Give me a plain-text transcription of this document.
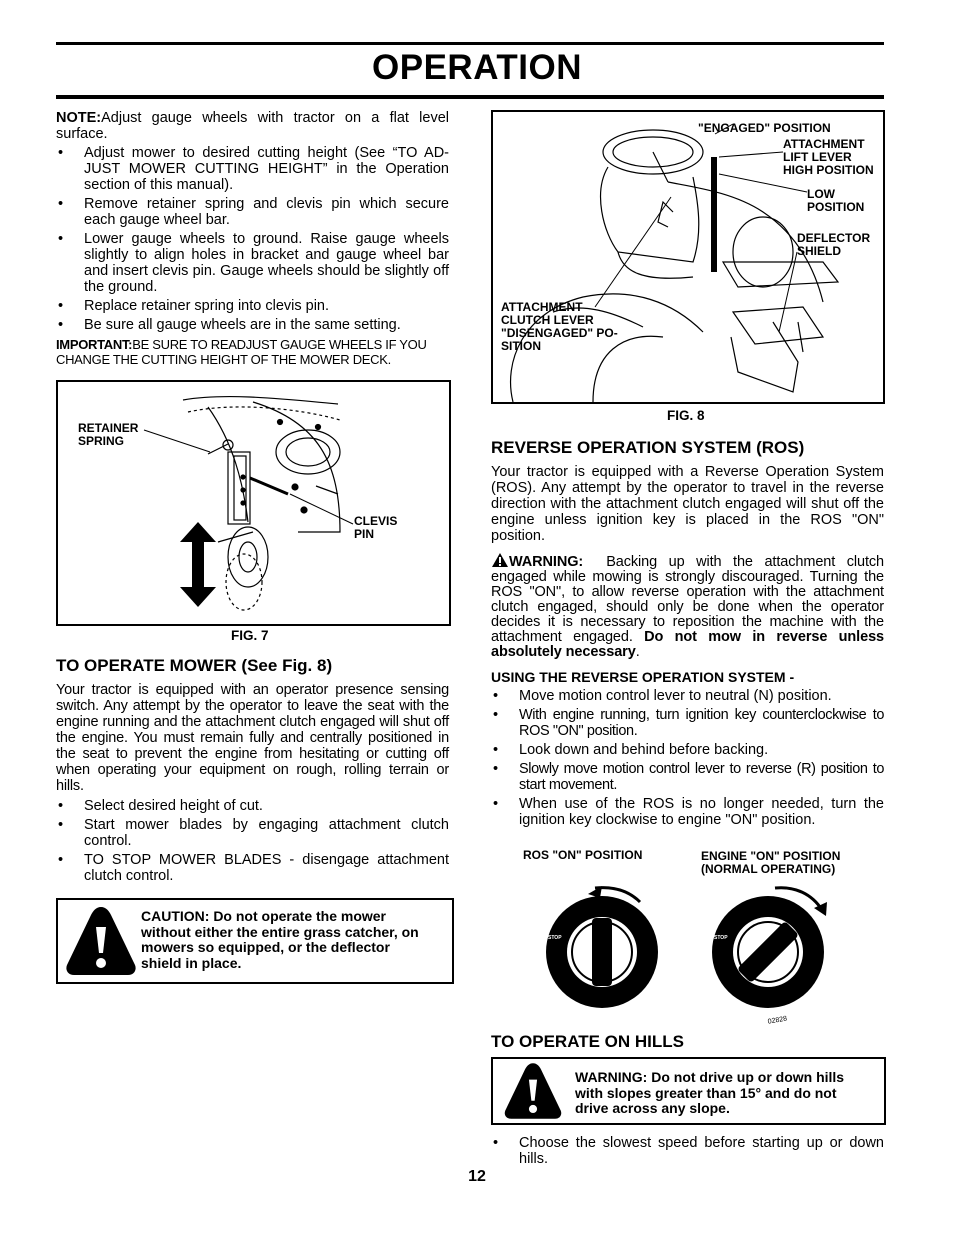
OPERATION

NOTE:Adjust gauge wheels with tractor on a flat level surface.

• Adjust mower to desired cutting height (See “TO AD-JUST MOWER CUTTING HEIGHT” in the Operation section of this manual).
• Remove retainer spring and clevis pin which secure each gauge wheel bar.
• Lower gauge wheels to ground. Raise gauge wheels slightly to align holes in bracket and gauge wheel bar and insert clevis pin. Gauge wheels should be slightly off the ground.
• Replace retainer spring into clevis pin.
• Be sure all gauge wheels are in the same setting.

IMPORTANT:BE SURE TO READJUST GAUGE WHEELS IF YOU CHANGE THE CUTTING HEIGHT OF THE MOWER DECK.

RETAINER SPRING
CLEVIS PIN
FIG. 7
TO OPERATE MOWER (See Fig. 8)

Your tractor is equipped with an operator presence sensing switch. Any attempt by the operator to leave the seat with the engine running and the attachment clutch engaged will shut off the engine. You must remain fully and centrally positioned in the seat to prevent the engine from hesitating or cutting off when operating your equipment on rough, rolling terrain or hills.

• Select desired height of cut.
• Start mower blades by engaging attachment clutch control.
• TO STOP MOWER BLADES - disengage attachment clutch control.
CAUTION: Do not operate the mower without either the entire grass catcher, on mowers so equipped, or the deflector shield in place.
"ENGAGED" POSITION
ATTACHMENT LIFT LEVER HIGH POSITION
LOW POSITION
DEFLECTOR SHIELD
ATTACHMENT CLUTCH LEVER "DISENGAGED" PO-SITION
FIG. 8
REVERSE OPERATION SYSTEM (ROS)

Your tractor is equipped with a Reverse Operation System (ROS). Any attempt by the operator to travel in the reverse direction with the attachment clutch engaged will shut off the engine unless ignition key is placed in the ROS "ON" position.

WARNING: Backing up with the attachment clutch engaged while mowing is strongly discouraged. Turning the ROS "ON", to allow reverse operation with the attachment clutch engaged, should only be done when the operator decides it is necessary to reposition the machine with the attachment engaged. Do not mow in reverse unless absolutely necessary.

USING THE REVERSE OPERATION SYSTEM -

• Move motion control lever to neutral (N) position.
• With engine running, turn ignition key counterclockwise to ROS "ON" position.
• Look down and behind before backing.
• Slowly move motion control lever to reverse (R) position to start movement.
• When use of the ROS is no longer needed, turn the ignition key clockwise to engine "ON" position.
ROS "ON" POSITION	ENGINE "ON" POSITION (NORMAL OPERATING)
STOP	STOP
02828
TO OPERATE ON HILLS
WARNING: Do not drive up or down hills with slopes greater than 15° and do not drive across any slope.
• Choose the slowest speed before starting up or down hills.
12
